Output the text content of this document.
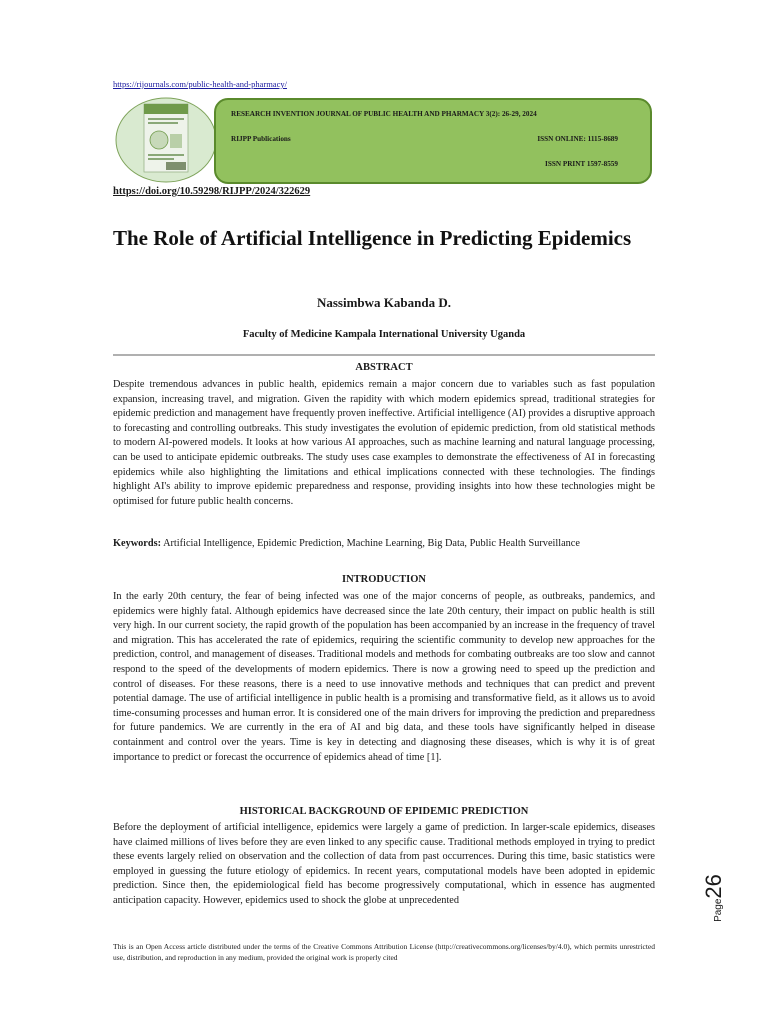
https://rijournals.com/public-health-and-pharmacy/
RESEARCH INVENTION JOURNAL OF PUBLIC HEALTH AND PHARMACY 3(2): 26-29, 2024
RIJPP Publications	ISSN ONLINE: 1115-8689
ISSN PRINT 1597-8559
https://doi.org/10.59298/RIJPP/2024/322629
The Role of Artificial Intelligence in Predicting Epidemics
Nassimbwa Kabanda D.
Faculty of Medicine Kampala International University Uganda
ABSTRACT

Despite tremendous advances in public health, epidemics remain a major concern due to variables such as fast population expansion, increasing travel, and migration. Given the rapidity with which modern epidemics spread, traditional strategies for epidemic prediction and management have frequently proven ineffective. Artificial intelligence (AI) provides a disruptive approach to forecasting and controlling outbreaks. This study investigates the evolution of epidemic prediction, from old statistical methods to modern AI-powered models. It looks at how various AI approaches, such as machine learning and natural language processing, can be used to anticipate epidemic outbreaks. The study uses case examples to demonstrate the effectiveness of AI in forecasting epidemics while also highlighting the limitations and ethical implications connected with these technologies. The findings highlight AI's ability to improve epidemic preparedness and response, providing insights into how these technologies might be optimised for future public health concerns.

Keywords: Artificial Intelligence, Epidemic Prediction, Machine Learning, Big Data, Public Health Surveillance

INTRODUCTION

In the early 20th century, the fear of being infected was one of the major concerns of people, as outbreaks, pandemics, and epidemics were highly fatal. Although epidemics have decreased since the late 20th century, their impact on public health is still very high. In our current society, the rapid growth of the population has been accompanied by an increase in the frequency of travel and migration. This has accelerated the rate of epidemics, requiring the scientific community to develop new approaches for the prediction, control, and management of diseases. Traditional models and methods for combating outbreaks are too slow and cannot respond to the speed of the developments of modern epidemics. There is now a growing need to speed up the prediction and control of diseases. For these reasons, there is a need to use innovative methods and techniques that can predict and prevent potential damage. The use of artificial intelligence in public health is a promising and transformative field, as it allows us to avoid time-consuming processes and human error. It is considered one of the main drivers for improving the prediction and preparedness for future pandemics. We are currently in the era of AI and big data, and these tools have significantly helped in disease containment and control over the years. Time is key in detecting and diagnosing these diseases, which is why it is of great importance to predict or forecast the occurrence of epidemics ahead of time [1].

HISTORICAL BACKGROUND OF EPIDEMIC PREDICTION

Before the deployment of artificial intelligence, epidemics were largely a game of prediction. In larger-scale epidemics, diseases have claimed millions of lives before they are even linked to any specific cause. Traditional methods employed in trying to predict these events largely relied on observation and the collection of data from past occurrences. During this time, basic statistics were employed in guessing the future etiology of epidemics. In recent years, computational models have been adopted in epidemic prediction. Since then, the epidemiological field has become progressively computational, which in essence has augmented anticipation capacity. However, epidemics used to shock the globe at unprecedented

This is an Open Access article distributed under the terms of the Creative Commons Attribution License (http://creativecommons.org/licenses/by/4.0), which permits unrestricted use, distribution, and reproduction in any medium, provided the original work is properly cited

Page26
